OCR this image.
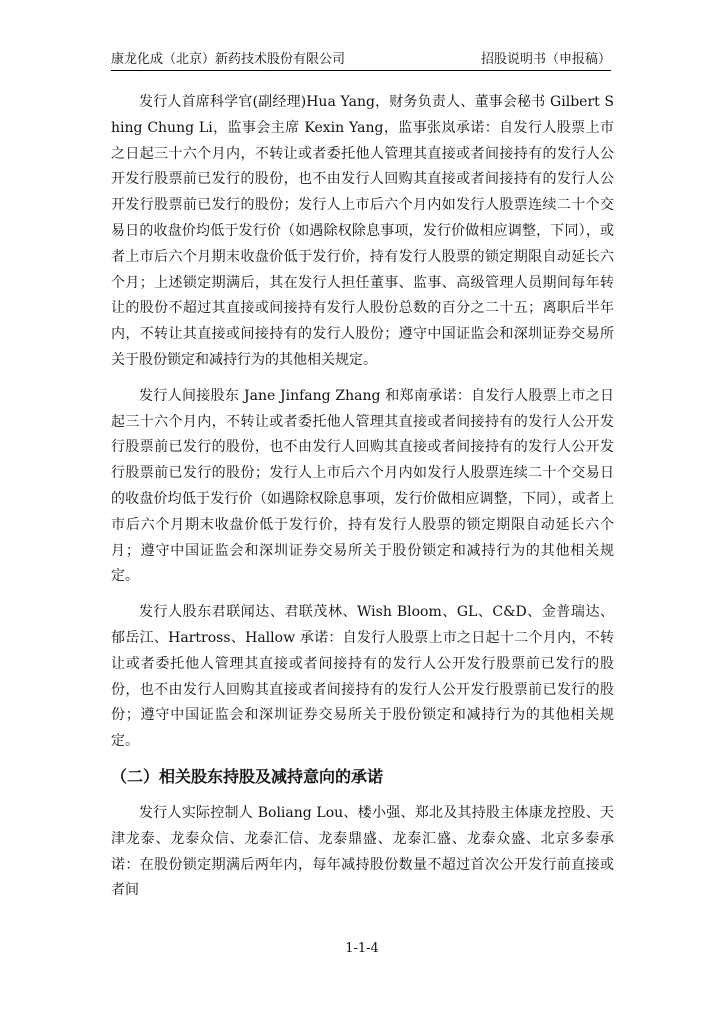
康龙化成（北京）新药技术股份有限公司	招股说明书（申报稿）

发行人首席科学官(副经理)Hua Yang，财务负责人、董事会秘书 Gilbert Shing Chung Li，监事会主席 Kexin Yang，监事张岚承诺：自发行人股票上市之日起三十六个月内，不转让或者委托他人管理其直接或者间接持有的发行人公开发行股票前已发行的股份，也不由发行人回购其直接或者间接持有的发行人公开发行股票前已发行的股份；发行人上市后六个月内如发行人股票连续二十个交易日的收盘价均低于发行价（如遇除权除息事项，发行价做相应调整，下同），或者上市后六个月期末收盘价低于发行价，持有发行人股票的锁定期限自动延长六个月；上述锁定期满后，其在发行人担任董事、监事、高级管理人员期间每年转让的股份不超过其直接或间接持有发行人股份总数的百分之二十五；离职后半年内，不转让其直接或间接持有的发行人股份；遵守中国证监会和深圳证券交易所关于股份锁定和减持行为的其他相关规定。

发行人间接股东 Jane Jinfang Zhang 和郑南承诺：自发行人股票上市之日起三十六个月内，不转让或者委托他人管理其直接或者间接持有的发行人公开发行股票前已发行的股份，也不由发行人回购其直接或者间接持有的发行人公开发行股票前已发行的股份；发行人上市后六个月内如发行人股票连续二十个交易日的收盘价均低于发行价（如遇除权除息事项，发行价做相应调整，下同），或者上市后六个月期末收盘价低于发行价，持有发行人股票的锁定期限自动延长六个月；遵守中国证监会和深圳证券交易所关于股份锁定和减持行为的其他相关规定。

发行人股东君联闻达、君联茂林、Wish Bloom、GL、C&D、金普瑞达、郁岳江、Hartross、Hallow 承诺：自发行人股票上市之日起十二个月内，不转让或者委托他人管理其直接或者间接持有的发行人公开发行股票前已发行的股份，也不由发行人回购其直接或者间接持有的发行人公开发行股票前已发行的股份；遵守中国证监会和深圳证券交易所关于股份锁定和减持行为的其他相关规定。

（二）相关股东持股及减持意向的承诺

发行人实际控制人 Boliang Lou、楼小强、郑北及其持股主体康龙控股、天津龙泰、龙泰众信、龙泰汇信、龙泰鼎盛、龙泰汇盛、龙泰众盛、北京多泰承诺：在股份锁定期满后两年内，每年减持股份数量不超过首次公开发行前直接或者间

1-1-4
